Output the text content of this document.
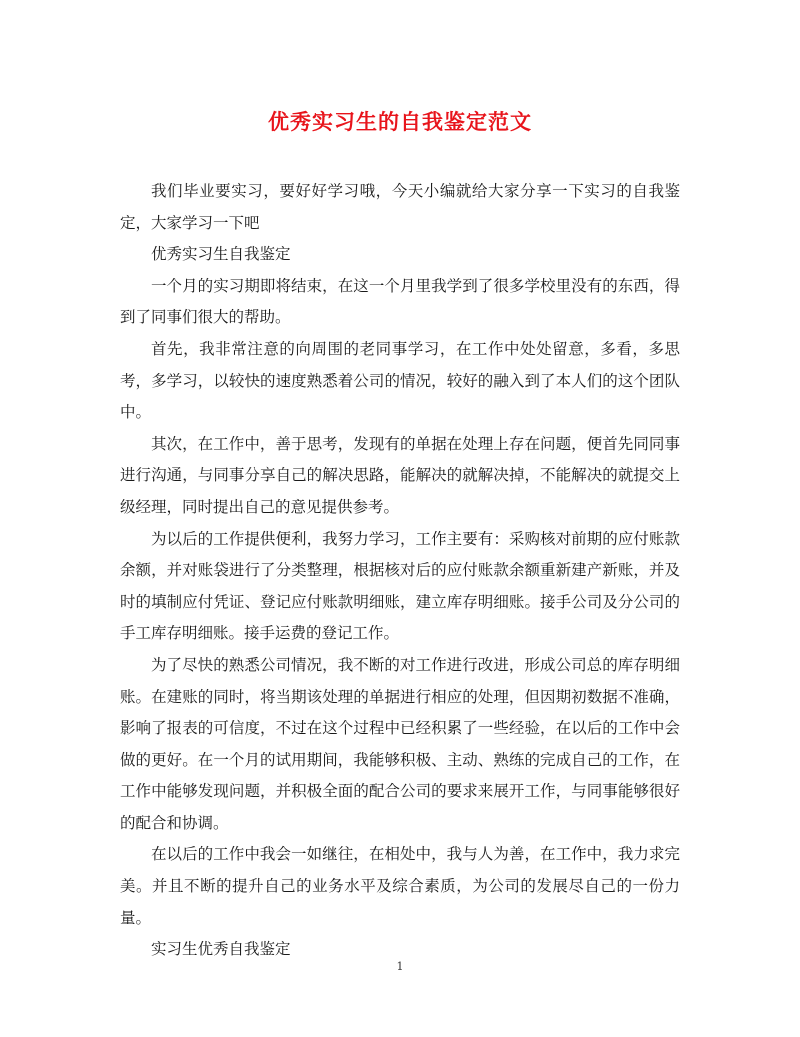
优秀实习生的自我鉴定范文

我们毕业要实习，要好好学习哦，今天小编就给大家分享一下实习的自我鉴定，大家学习一下吧

优秀实习生自我鉴定

一个月的实习期即将结束，在这一个月里我学到了很多学校里没有的东西，得到了同事们很大的帮助。

首先，我非常注意的向周围的老同事学习，在工作中处处留意，多看，多思考，多学习，以较快的速度熟悉着公司的情况，较好的融入到了本人们的这个团队中。

其次，在工作中，善于思考，发现有的单据在处理上存在问题，便首先同同事进行沟通，与同事分享自己的解决思路，能解决的就解决掉，不能解决的就提交上级经理，同时提出自己的意见提供参考。

为以后的工作提供便利，我努力学习，工作主要有：采购核对前期的应付账款余额，并对账袋进行了分类整理，根据核对后的应付账款余额重新建产新账，并及时的填制应付凭证、登记应付账款明细账，建立库存明细账。接手公司及分公司的手工库存明细账。接手运费的登记工作。

为了尽快的熟悉公司情况，我不断的对工作进行改进，形成公司总的库存明细账。在建账的同时，将当期该处理的单据进行相应的处理，但因期初数据不准确，影响了报表的可信度，不过在这个过程中已经积累了一些经验，在以后的工作中会做的更好。在一个月的试用期间，我能够积极、主动、熟练的完成自己的工作，在工作中能够发现问题，并积极全面的配合公司的要求来展开工作，与同事能够很好的配合和协调。

在以后的工作中我会一如继往，在相处中，我与人为善，在工作中，我力求完美。并且不断的提升自己的业务水平及综合素质，为公司的发展尽自己的一份力量。

实习生优秀自我鉴定

1
